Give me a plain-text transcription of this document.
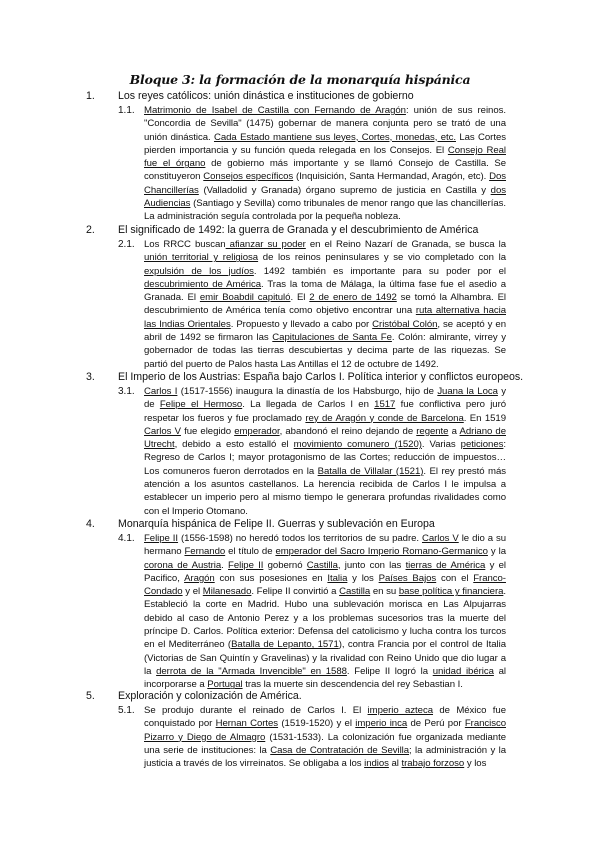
Bloque 3: la formación de la monarquía hispánica
1.	Los reyes católicos: unión dinástica e instituciones de gobierno
1.1. Matrimonio de Isabel de Castilla con Fernando de Aragón: unión de sus reinos. "Concordia de Sevilla" (1475) gobernar de manera conjunta pero se trató de una unión dinástica. Cada Estado mantiene sus leyes, Cortes, monedas, etc. Las Cortes pierden importancia y su función queda relegada en los Consejos. El Consejo Real fue el órgano de gobierno más importante y se llamó Consejo de Castilla. Se constituyeron Consejos específicos (Inquisición, Santa Hermandad, Aragón, etc). Dos Chancillerías (Valladolid y Granada) órgano supremo de justicia en Castilla y dos Audiencias (Santiago y Sevilla) como tribunales de menor rango que las chancillerías. La administración seguía controlada por la pequeña nobleza.
2.	El significado de 1492: la guerra de Granada y el descubrimiento de América
2.1. Los RRCC buscan afianzar su poder en el Reino Nazarí de Granada, se busca la unión territorial y religiosa de los reinos peninsulares y se vio completado con la expulsión de los judíos. 1492 también es importante para su poder por el descubrimiento de América. Tras la toma de Málaga, la última fase fue el asedio a Granada. El emir Boabdil capituló. El 2 de enero de 1492 se tomó la Alhambra. El descubrimiento de América tenía como objetivo encontrar una ruta alternativa hacia las Indias Orientales. Propuesto y llevado a cabo por Cristóbal Colón, se aceptó y en abril de 1492 se firmaron las Capitulaciones de Santa Fe. Colón: almirante, virrey y gobernador de todas las tierras descubiertas y decima parte de las riquezas. Se partió del puerto de Palos hasta Las Antillas el 12 de octubre de 1492.
3.	El Imperio de los Austrias: España bajo Carlos I. Política interior y conflictos europeos.
3.1. Carlos I (1517-1556) inaugura la dinastía de los Habsburgo, hijo de Juana la Loca y de Felipe el Hermoso. La llegada de Carlos I en 1517 fue conflictiva pero juró respetar los fueros y fue proclamado rey de Aragón y conde de Barcelona. En 1519 Carlos V fue elegido emperador, abandonó el reino dejando de regente a Adriano de Utrecht, debido a esto estalló el movimiento comunero (1520). Varias peticiones: Regreso de Carlos I; mayor protagonismo de las Cortes; reducción de impuestos…Los comuneros fueron derrotados en la Batalla de Villalar (1521). El rey prestó más atención a los asuntos castellanos. La herencia recibida de Carlos I le impulsa a establecer un imperio pero al mismo tiempo le generara profundas rivalidades como con el Imperio Otomano.
4.	Monarquía hispánica de Felipe II. Guerras y sublevación en Europa
4.1. Felipe II (1556-1598) no heredó todos los territorios de su padre. Carlos V le dio a su hermano Fernando el título de emperador del Sacro Imperio Romano-Germanico y la corona de Austria. Felipe II gobernó Castilla, junto con las tierras de América y el Pacifico, Aragón con sus posesiones en Italia y los Países Bajos con el Franco-Condado y el Milanesado. Felipe II convirtió a Castilla en su base política y financiera. Estableció la corte en Madrid. Hubo una sublevación morisca en Las Alpujarras debido al caso de Antonio Perez y a los problemas sucesorios tras la muerte del príncipe D. Carlos. Política exterior: Defensa del catolicismo y lucha contra los turcos en el Mediterráneo (Batalla de Lepanto, 1571), contra Francia por el control de Italia (Victorias de San Quintín y Gravelinas) y la rivalidad con Reino Unido que dio lugar a la derrota de la "Armada Invencible" en 1588. Felipe II logró la unidad ibérica al incorporarse a Portugal tras la muerte sin descendencia del rey Sebastian I.
5.	Exploración y colonización de América.
5.1. Se produjo durante el reinado de Carlos I. El imperio azteca de México fue conquistado por Hernan Cortes (1519-1520) y el imperio inca de Perú por Francisco Pizarro y Diego de Almagro (1531-1533). La colonización fue organizada mediante una serie de instituciones: la Casa de Contratación de Sevilla; la administración y la justicia a través de los virreinatos. Se obligaba a los indios al trabajo forzoso y los
